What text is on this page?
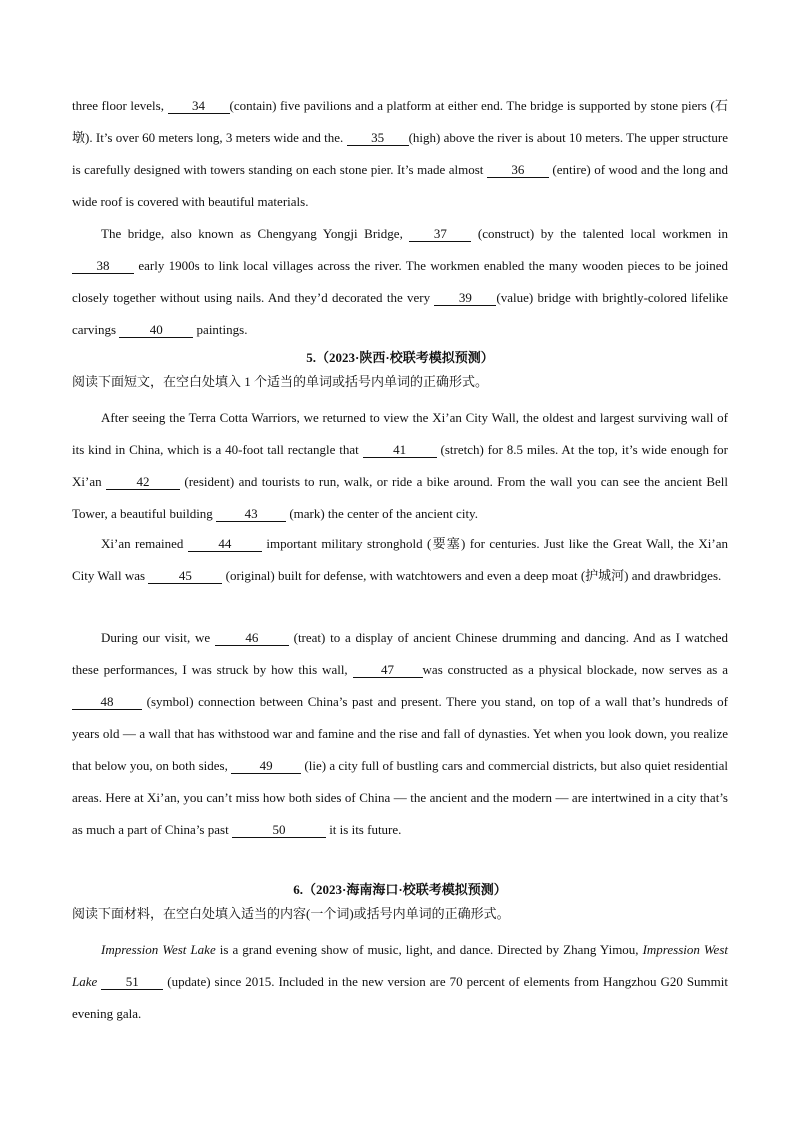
three floor levels, 34 (contain) five pavilions and a platform at either end. The bridge is supported by stone piers (石墩). It’s over 60 meters long, 3 meters wide and the. 35 (high) above the river is about 10 meters. The upper structure is carefully designed with towers standing on each stone pier. It’s made almost 36 (entire) of wood and the long and wide roof is covered with beautiful materials.

The bridge, also known as Chengyang Yongji Bridge, 37 (construct) by the talented local workmen in38 early 1900s to link local villages across the river. The workmen enabled the many wooden pieces to be joined closely together without using nails. And they’d decorated the very 39 (value) bridge with brightly-colored lifelike carvings 40 paintings.

5.（2023·陕西·校联考模拟预测）
阅读下面短文，在空白处填入 1 个适当的单词或括号内单词的正确形式。

After seeing the Terra Cotta Warriors, we returned to view the Xi’an City Wall, the oldest and largest surviving wall of its kind in China, which is a 40-foot tall rectangle that 41 (stretch) for 8.5 miles. At the top, it’s wide enough for Xi’an 42 (resident) and tourists to run, walk, or ride a bike around. From the wall you can see the ancient Bell Tower, a beautiful building 43 (mark) the center of the ancient city.

Xi’an remained 44 important military stronghold (要塞) for centuries. Just like the Great Wall, the Xi’an City Wall was 45 (original) built for defense, with watchtowers and even a deep moat (护城河) and drawbridges.

During our visit, we 46 (treat) to a display of ancient Chinese drumming and dancing. And as I watched these performances, I was struck by how this wall, 47 was constructed as a physical blockade, now serves as a 48 (symbol) connection between China’s past and present. There you stand, on top of a wall that’s hundreds of years old — a wall that has withstood war and famine and the rise and fall of dynasties. Yet when you look down, you realize that below you, on both sides, 49 (lie) a city full of bustling cars and commercial districts, but also quiet residential areas. Here at Xi’an, you can’t miss how both sides of China — the ancient and the modern — are intertwined in a city that’s as much a part of China’s past	50	it is its future.

6.（2023·海南海口·校联考模拟预测）
阅读下面材料，在空白处填入适当的内容(一个词)或括号内单词的正确形式。

Impression West Lake is a grand evening show of music, light, and dance. Directed by Zhang Yimou, Impression West Lake 51 (update) since 2015. Included in the new version are 70 percent of elements from Hangzhou G20 Summit evening gala.
